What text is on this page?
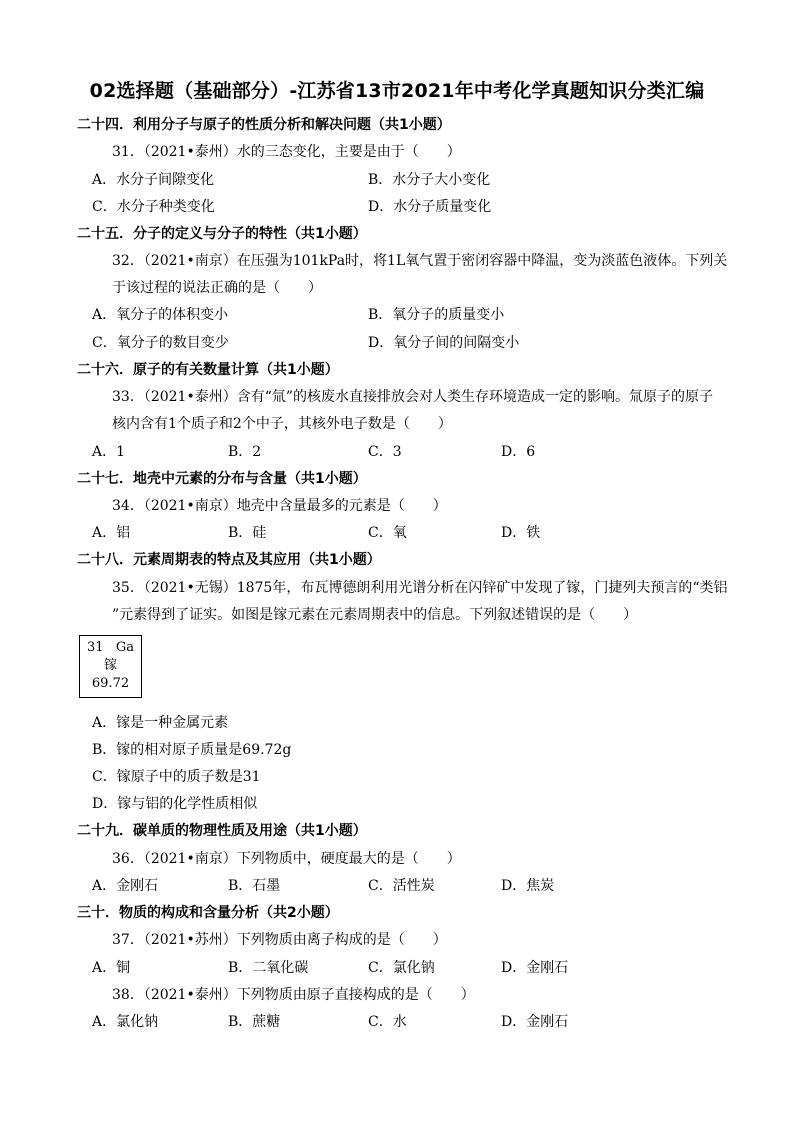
02选择题（基础部分）-江苏省13市2021年中考化学真题知识分类汇编
二十四．利用分子与原子的性质分析和解决问题（共1小题）
31．（2021•泰州）水的三态变化，主要是由于（　　）
A．水分子间隙变化	B．水分子大小变化
C．水分子种类变化	D．水分子质量变化
二十五．分子的定义与分子的特性（共1小题）
32．（2021•南京）在压强为101kPa时，将1L氧气置于密闭容器中降温，变为淡蓝色液体。下列关
于该过程的说法正确的是（　　）
A．氧分子的体积变小	B．氧分子的质量变小
C．氧分子的数目变少	D．氧分子间的间隔变小
二十六．原子的有关数量计算（共1小题）
33．（2021•泰州）含有“氚”的核废水直接排放会对人类生存环境造成一定的影响。氚原子的原子
核内含有1个质子和2个中子，其核外电子数是（　　）
A．1	B．2	C．3	D．6
二十七．地壳中元素的分布与含量（共1小题）
34．（2021•南京）地壳中含量最多的元素是（　　）
A．铝	B．硅	C．氧	D．铁
二十八．元素周期表的特点及其应用（共1小题）
35．（2021•无锡）1875年，布瓦博德朗利用光谱分析在闪锌矿中发现了镓，门捷列夫预言的“类铝
”元素得到了证实。如图是镓元素在元素周期表中的信息。下列叙述错误的是（　　）
31 Ga
镓
69.72
A．镓是一种金属元素
B．镓的相对原子质量是69.72g
C．镓原子中的质子数是31
D．镓与铝的化学性质相似
二十九．碳单质的物理性质及用途（共1小题）
36．（2021•南京）下列物质中，硬度最大的是（　　）
A．金刚石	B．石墨	C．活性炭	D．焦炭
三十．物质的构成和含量分析（共2小题）
37．（2021•苏州）下列物质由离子构成的是（　　）
A．铜	B．二氧化碳	C．氯化钠	D．金刚石
38．（2021•泰州）下列物质由原子直接构成的是（　　）
A．氯化钠	B．蔗糖	C．水	D．金刚石
